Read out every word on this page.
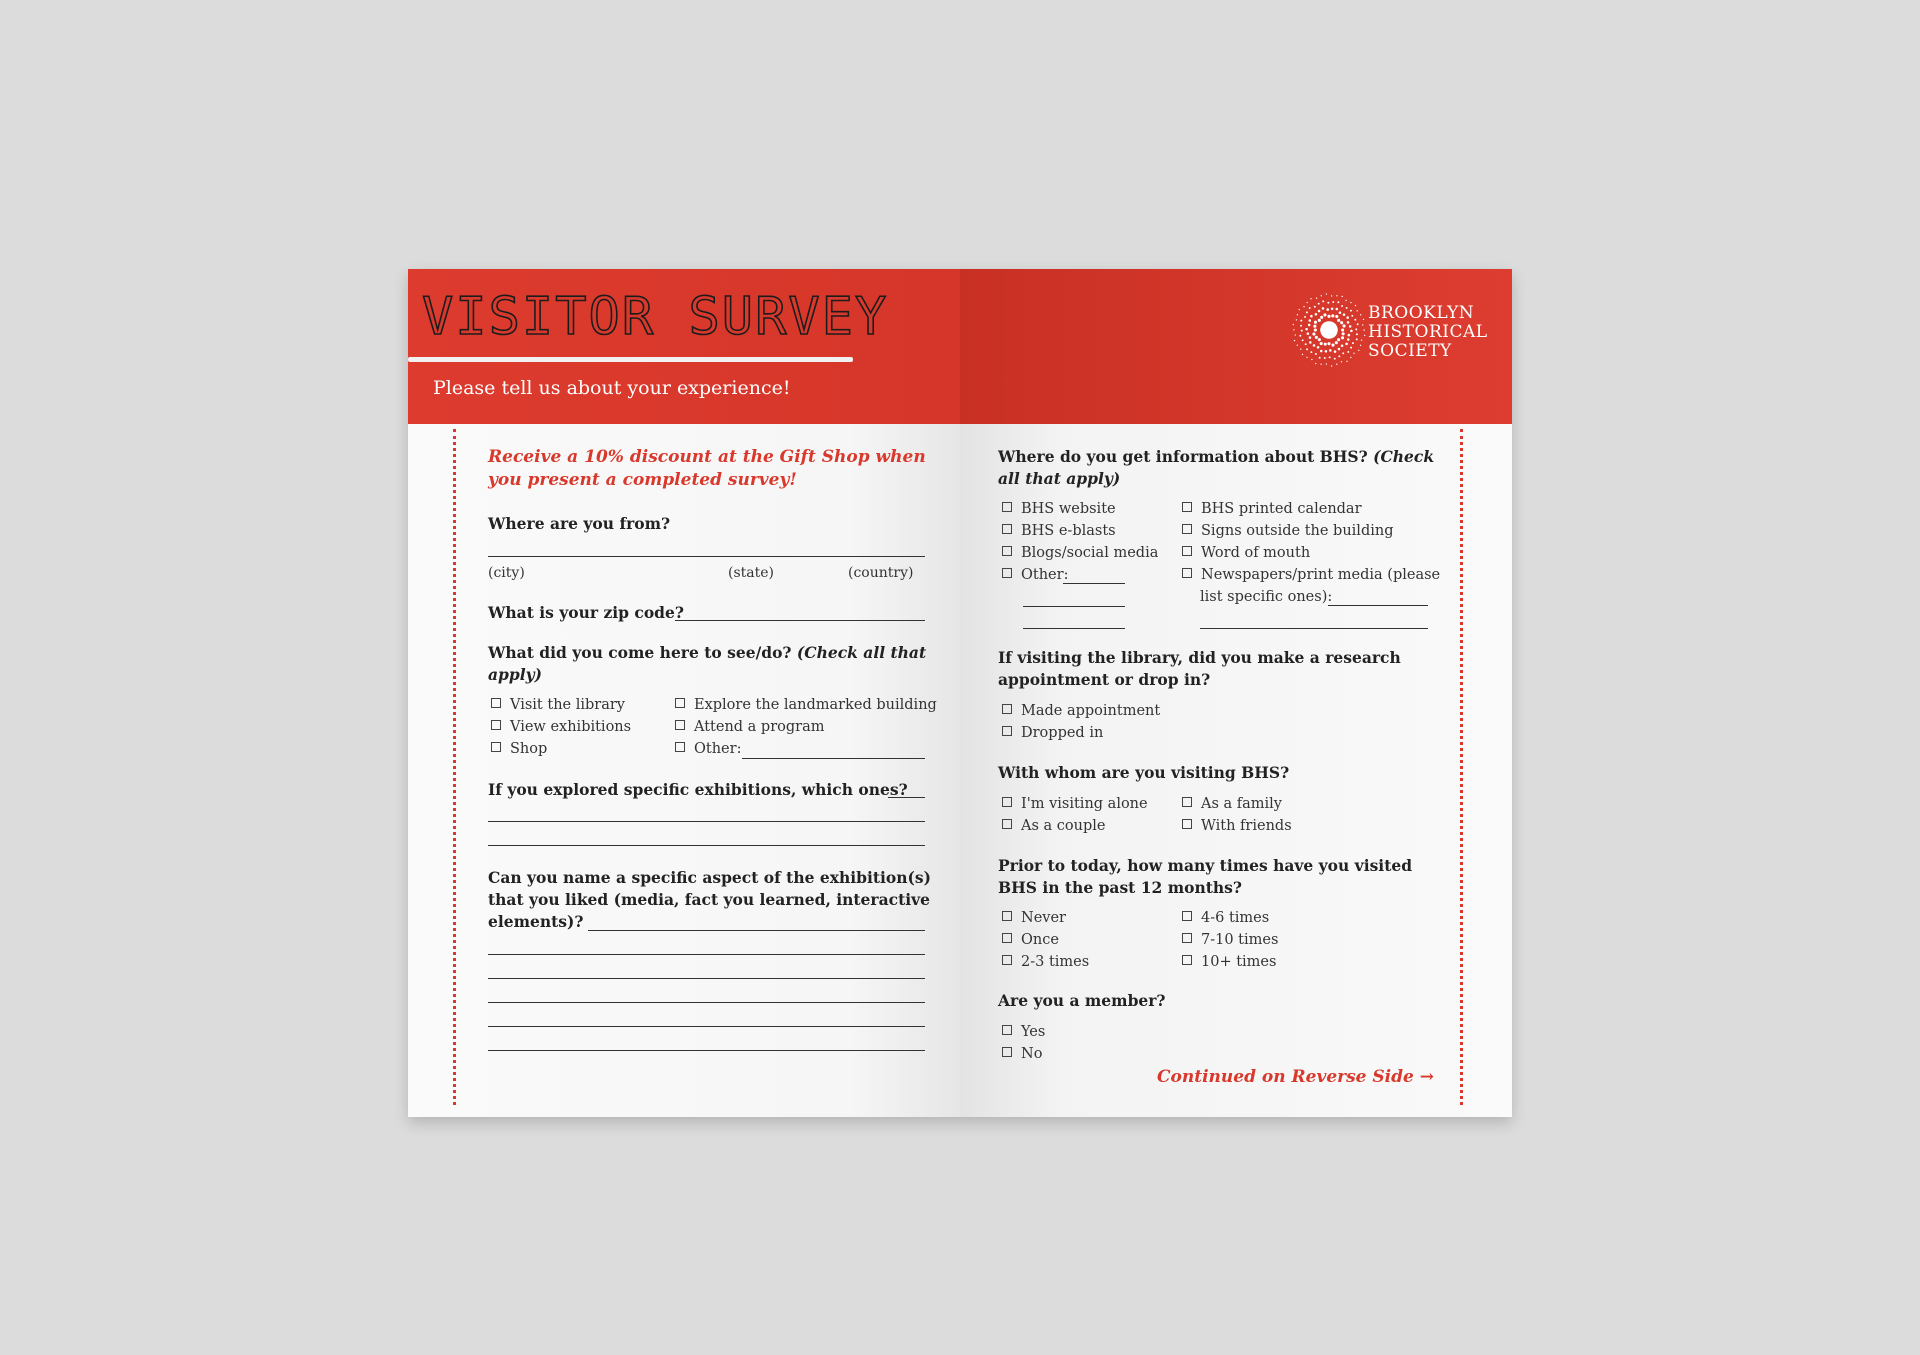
VISITOR SURVEY
Please tell us about your experience!
BROOKLYN
HISTORICAL
SOCIETY
Receive a 10% discount at the Gift Shop when you present a completed survey!
Where are you from?
(city)	(state)	(country)
What is your zip code?
What did you come here to see/do? (Check all that apply)
Visit the library
View exhibitions
Shop
Explore the landmarked building
Attend a program
Other:
If you explored specific exhibitions, which ones?
Can you name a specific aspect of the exhibition(s) that you liked (media, fact you learned, interactive elements)?
Where do you get information about BHS? (Check all that apply)
BHS website
BHS e-blasts
Blogs/social media
Other:
BHS printed calendar
Signs outside the building
Word of mouth
Newspapers/print media (please
list specific ones):
If visiting the library, did you make a research appointment or drop in?
Made appointment
Dropped in
With whom are you visiting BHS?
I'm visiting alone
As a couple
As a family
With friends
Prior to today, how many times have you visited BHS in the past 12 months?
Never
Once
2-3 times
4-6 times
7-10 times
10+ times
Are you a member?
Yes
No
Continued on Reverse Side →
